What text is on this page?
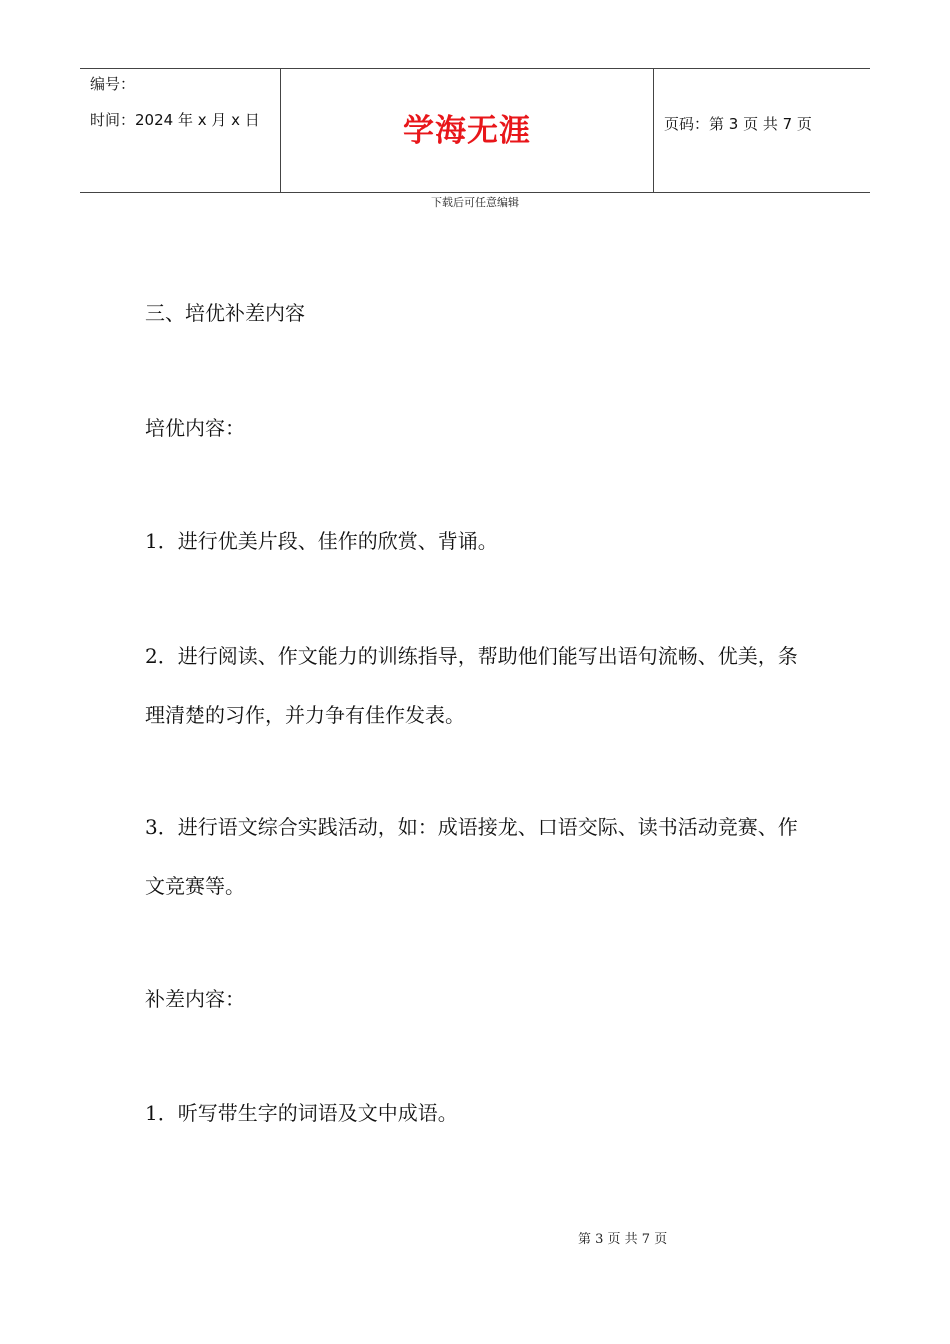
编号：
时间：2024 年 x 月 x 日	学海无涯	页码：第 3 页 共 7 页
下载后可任意编辑

三、培优补差内容

培优内容：

1．进行优美片段、佳作的欣赏、背诵。

2．进行阅读、作文能力的训练指导，帮助他们能写出语句流畅、优美，条理清楚的习作，并力争有佳作发表。

3．进行语文综合实践活动，如：成语接龙、口语交际、读书活动竞赛、作文竞赛等。

补差内容：

1．听写带生字的词语及文中成语。

第 3 页 共 7 页
